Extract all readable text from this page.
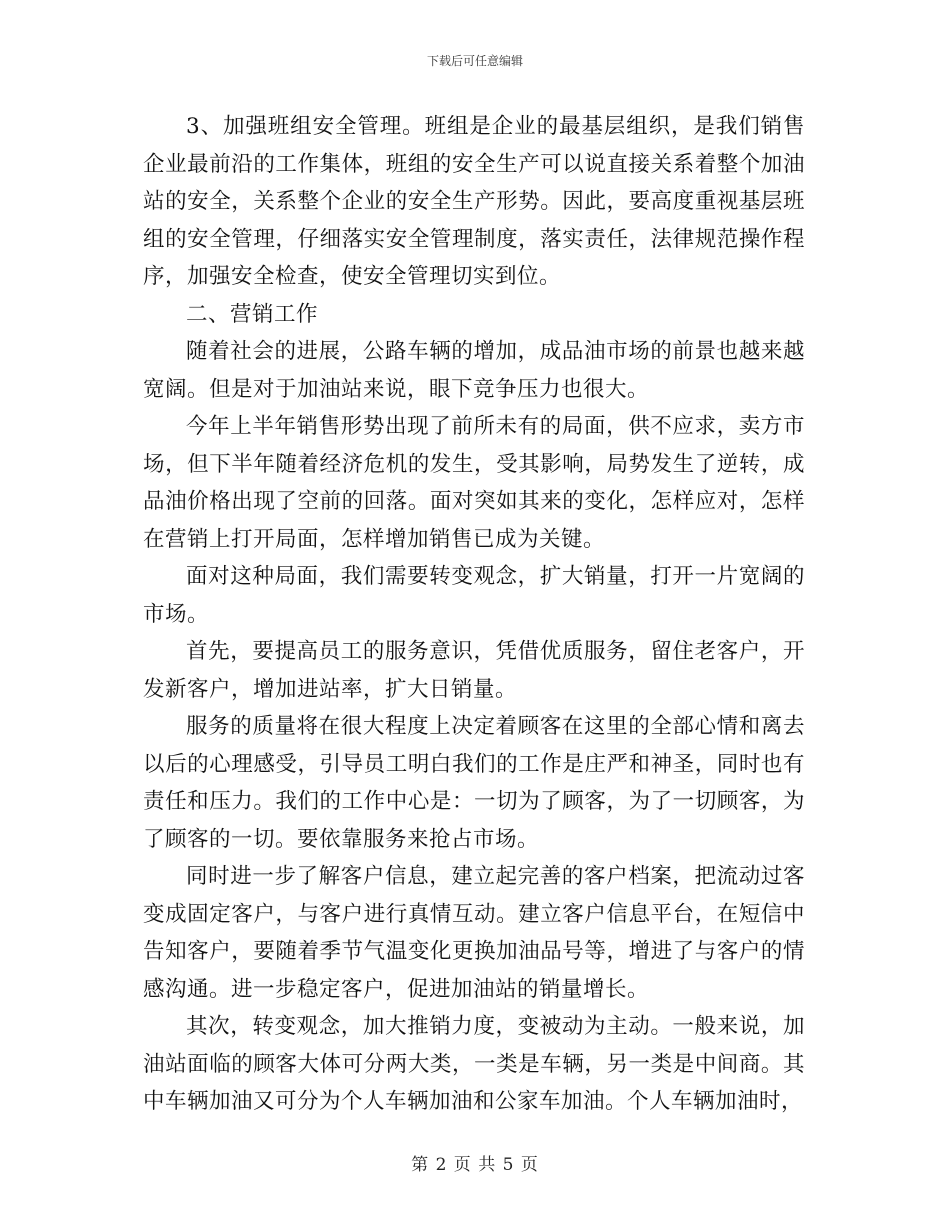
下载后可任意编辑

3、加强班组安全管理。班组是企业的最基层组织，是我们销售企业最前沿的工作集体，班组的安全生产可以说直接关系着整个加油站的安全，关系整个企业的安全生产形势。因此，要高度重视基层班组的安全管理，仔细落实安全管理制度，落实责任，法律规范操作程序，加强安全检查，使安全管理切实到位。

二、营销工作

随着社会的进展，公路车辆的增加，成品油市场的前景也越来越宽阔。但是对于加油站来说，眼下竞争压力也很大。

今年上半年销售形势出现了前所未有的局面，供不应求，卖方市场，但下半年随着经济危机的发生，受其影响，局势发生了逆转，成品油价格出现了空前的回落。面对突如其来的变化，怎样应对，怎样在营销上打开局面，怎样增加销售已成为关键。

面对这种局面，我们需要转变观念，扩大销量，打开一片宽阔的市场。

首先，要提高员工的服务意识，凭借优质服务，留住老客户，开发新客户，增加进站率，扩大日销量。

服务的质量将在很大程度上决定着顾客在这里的全部心情和离去以后的心理感受，引导员工明白我们的工作是庄严和神圣，同时也有责任和压力。我们的工作中心是：一切为了顾客，为了一切顾客，为了顾客的一切。要依靠服务来抢占市场。

同时进一步了解客户信息，建立起完善的客户档案，把流动过客变成固定客户，与客户进行真情互动。建立客户信息平台，在短信中告知客户，要随着季节气温变化更换加油品号等，增进了与客户的情感沟通。进一步稳定客户，促进加油站的销量增长。

其次，转变观念，加大推销力度，变被动为主动。一般来说，加油站面临的顾客大体可分两大类，一类是车辆，另一类是中间商。其中车辆加油又可分为个人车辆加油和公家车加油。个人车辆加油时，

第 2 页 共 5 页
